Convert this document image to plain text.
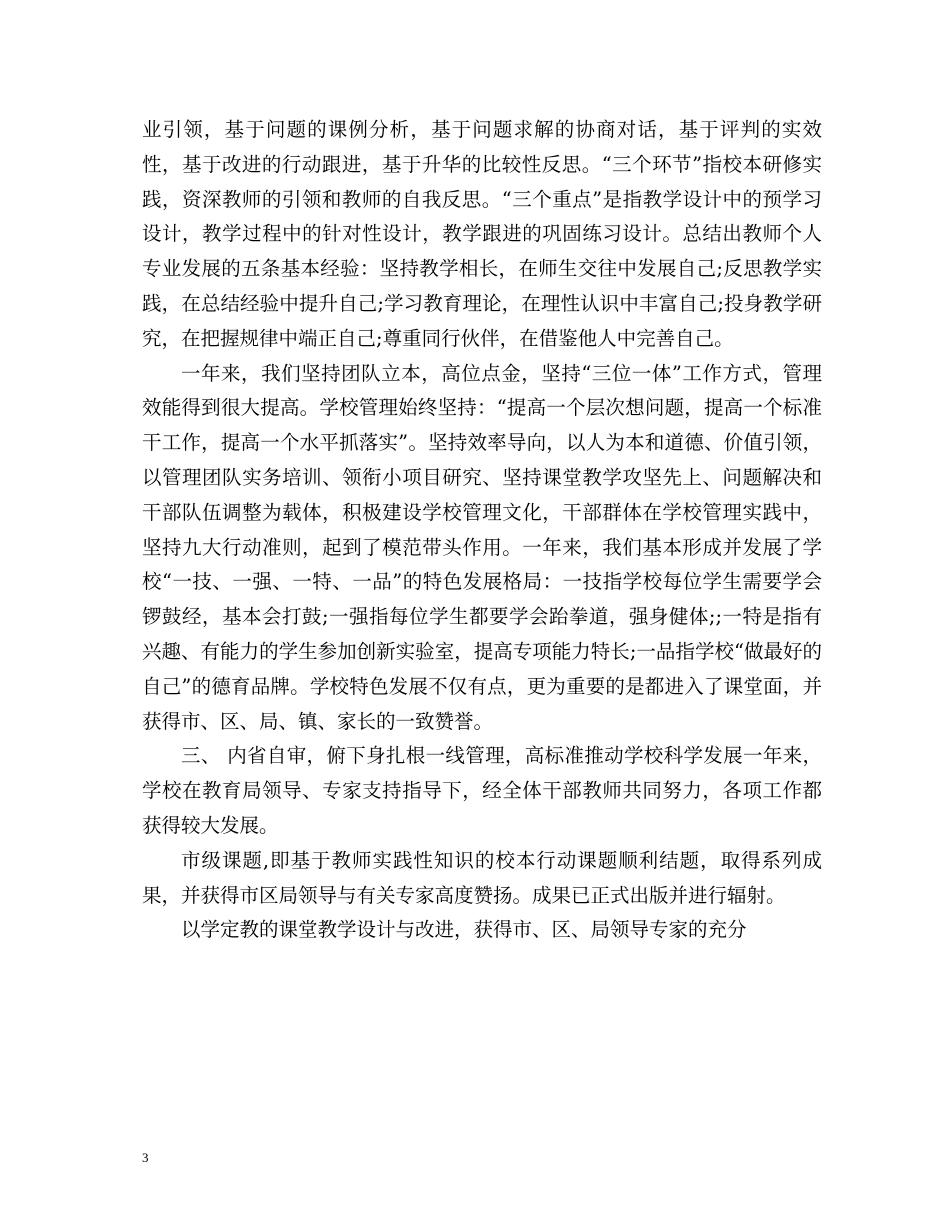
业引领，基于问题的课例分析，基于问题求解的协商对话，基于评判的实效性，基于改进的行动跟进，基于升华的比较性反思。“三个环节”指校本研修实践，资深教师的引领和教师的自我反思。“三个重点”是指教学设计中的预学习设计，教学过程中的针对性设计，教学跟进的巩固练习设计。总结出教师个人专业发展的五条基本经验：坚持教学相长，在师生交往中发展自己;反思教学实践，在总结经验中提升自己;学习教育理论，在理性认识中丰富自己;投身教学研究，在把握规律中端正自己;尊重同行伙伴，在借鉴他人中完善自己。

一年来，我们坚持团队立本，高位点金，坚持“三位一体”工作方式，管理效能得到很大提高。学校管理始终坚持：“提高一个层次想问题，提高一个标准干工作，提高一个水平抓落实”。坚持效率导向，以人为本和道德、价值引领，以管理团队实务培训、领衔小项目研究、坚持课堂教学攻坚先上、问题解决和干部队伍调整为载体，积极建设学校管理文化，干部群体在学校管理实践中，坚持九大行动准则，起到了模范带头作用。一年来，我们基本形成并发展了学校“一技、一强、一特、一品”的特色发展格局：一技指学校每位学生需要学会锣鼓经，基本会打鼓;一强指每位学生都要学会跆拳道，强身健体;;一特是指有兴趣、有能力的学生参加创新实验室，提高专项能力特长;一品指学校“做最好的自己”的德育品牌。学校特色发展不仅有点，更为重要的是都进入了课堂面，并获得市、区、局、镇、家长的一致赞誉。

三、 内省自审，俯下身扎根一线管理，高标准推动学校科学发展一年来，学校在教育局领导、专家支持指导下，经全体干部教师共同努力，各项工作都获得较大发展。

市级课题,即基于教师实践性知识的校本行动课题顺利结题，取得系列成果，并获得市区局领导与有关专家高度赞扬。成果已正式出版并进行辐射。

以学定教的课堂教学设计与改进，获得市、区、局领导专家的充分

3
